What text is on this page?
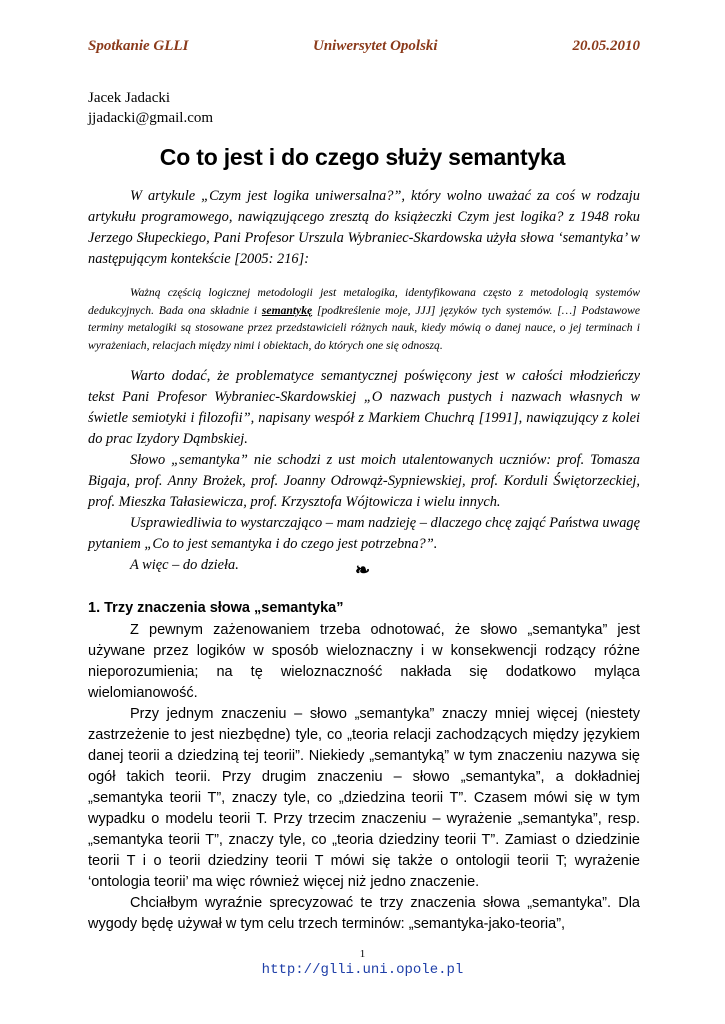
Spotkanie GLLI	Uniwersytet Opolski	20.05.2010
Jacek Jadacki
jjadacki@gmail.com
Co to jest i do czego służy semantyka

W artykule „Czym jest logika uniwersalna?”, który wolno uważać za coś w rodzaju artykułu programowego, nawiązującego zresztą do książeczki Czym jest logika? z 1948 roku Jerzego Słupeckiego, Pani Profesor Urszula Wybraniec-Skardowska użyła słowa ‘semantyka’ w następującym kontekście [2005: 216]:

Ważną częścią logicznej metodologii jest metalogika, identyfikowana często z metodologią systemów dedukcyjnych. Bada ona składnie i semantykę [podkreślenie moje, JJJ] języków tych systemów. […] Podstawowe terminy metalogiki są stosowane przez przedstawicieli różnych nauk, kiedy mówią o danej nauce, o jej terminach i wyrażeniach, relacjach między nimi i obiektach, do których one się odnoszą.

Warto dodać, że problematyce semantycznej poświęcony jest w całości młodzieńczy tekst Pani Profesor Wybraniec-Skardowskiej „O nazwach pustych i nazwach własnych w świetle semiotyki i filozofii”, napisany wespół z Markiem Chuchrą [1991], nawiązujący z kolei do prac Izydory Dąmbskiej.

Słowo „semantyka” nie schodzi z ust moich utalentowanych uczniów: prof. Tomasza Bigaja, prof. Anny Brożek, prof. Joanny Odrowąż-Sypniewskiej, prof. Korduli Świętorzeckiej, prof. Mieszka Tałasiewicza, prof. Krzysztofa Wójtowicza i wielu innych.

Usprawiedliwia to wystarczająco – mam nadzieję – dlaczego chcę zająć Państwa uwagę pytaniem „Co to jest semantyka i do czego jest potrzebna?”.

A więc – do dzieła.	❧
1. Trzy znaczenia słowa „semantyka”

Z pewnym zażenowaniem trzeba odnotować, że słowo „semantyka” jest używane przez logików w sposób wieloznaczny i w konsekwencji rodzący różne nieporozumienia; na tę wieloznaczność nakłada się dodatkowo myląca wielomianowość.

Przy jednym znaczeniu – słowo „semantyka” znaczy mniej więcej (niestety zastrzeżenie to jest niezbędne) tyle, co „teoria relacji zachodzących między językiem danej teorii a dziedziną tej teorii”. Niekiedy „semantyką” w tym znaczeniu nazywa się ogół takich teorii. Przy drugim znaczeniu – słowo „semantyka”, a dokładniej „semantyka teorii T”, znaczy tyle, co „dziedzina teorii T”. Czasem mówi się w tym wypadku o modelu teorii T. Przy trzecim znaczeniu – wyrażenie „semantyka”, resp. „semantyka teorii T”, znaczy tyle, co „teoria dziedziny teorii T”. Zamiast o dziedzinie teorii T i o teorii dziedziny teorii T mówi się także o ontologii teorii T; wyrażenie ‘ontologia teorii’ ma więc również więcej niż jedno znaczenie.

Chciałbym wyraźnie sprecyzować te trzy znaczenia słowa „semantyka”. Dla wygody będę używał w tym celu trzech terminów: „semantyka-jako-teoria”,

1
http://glli.uni.opole.pl
